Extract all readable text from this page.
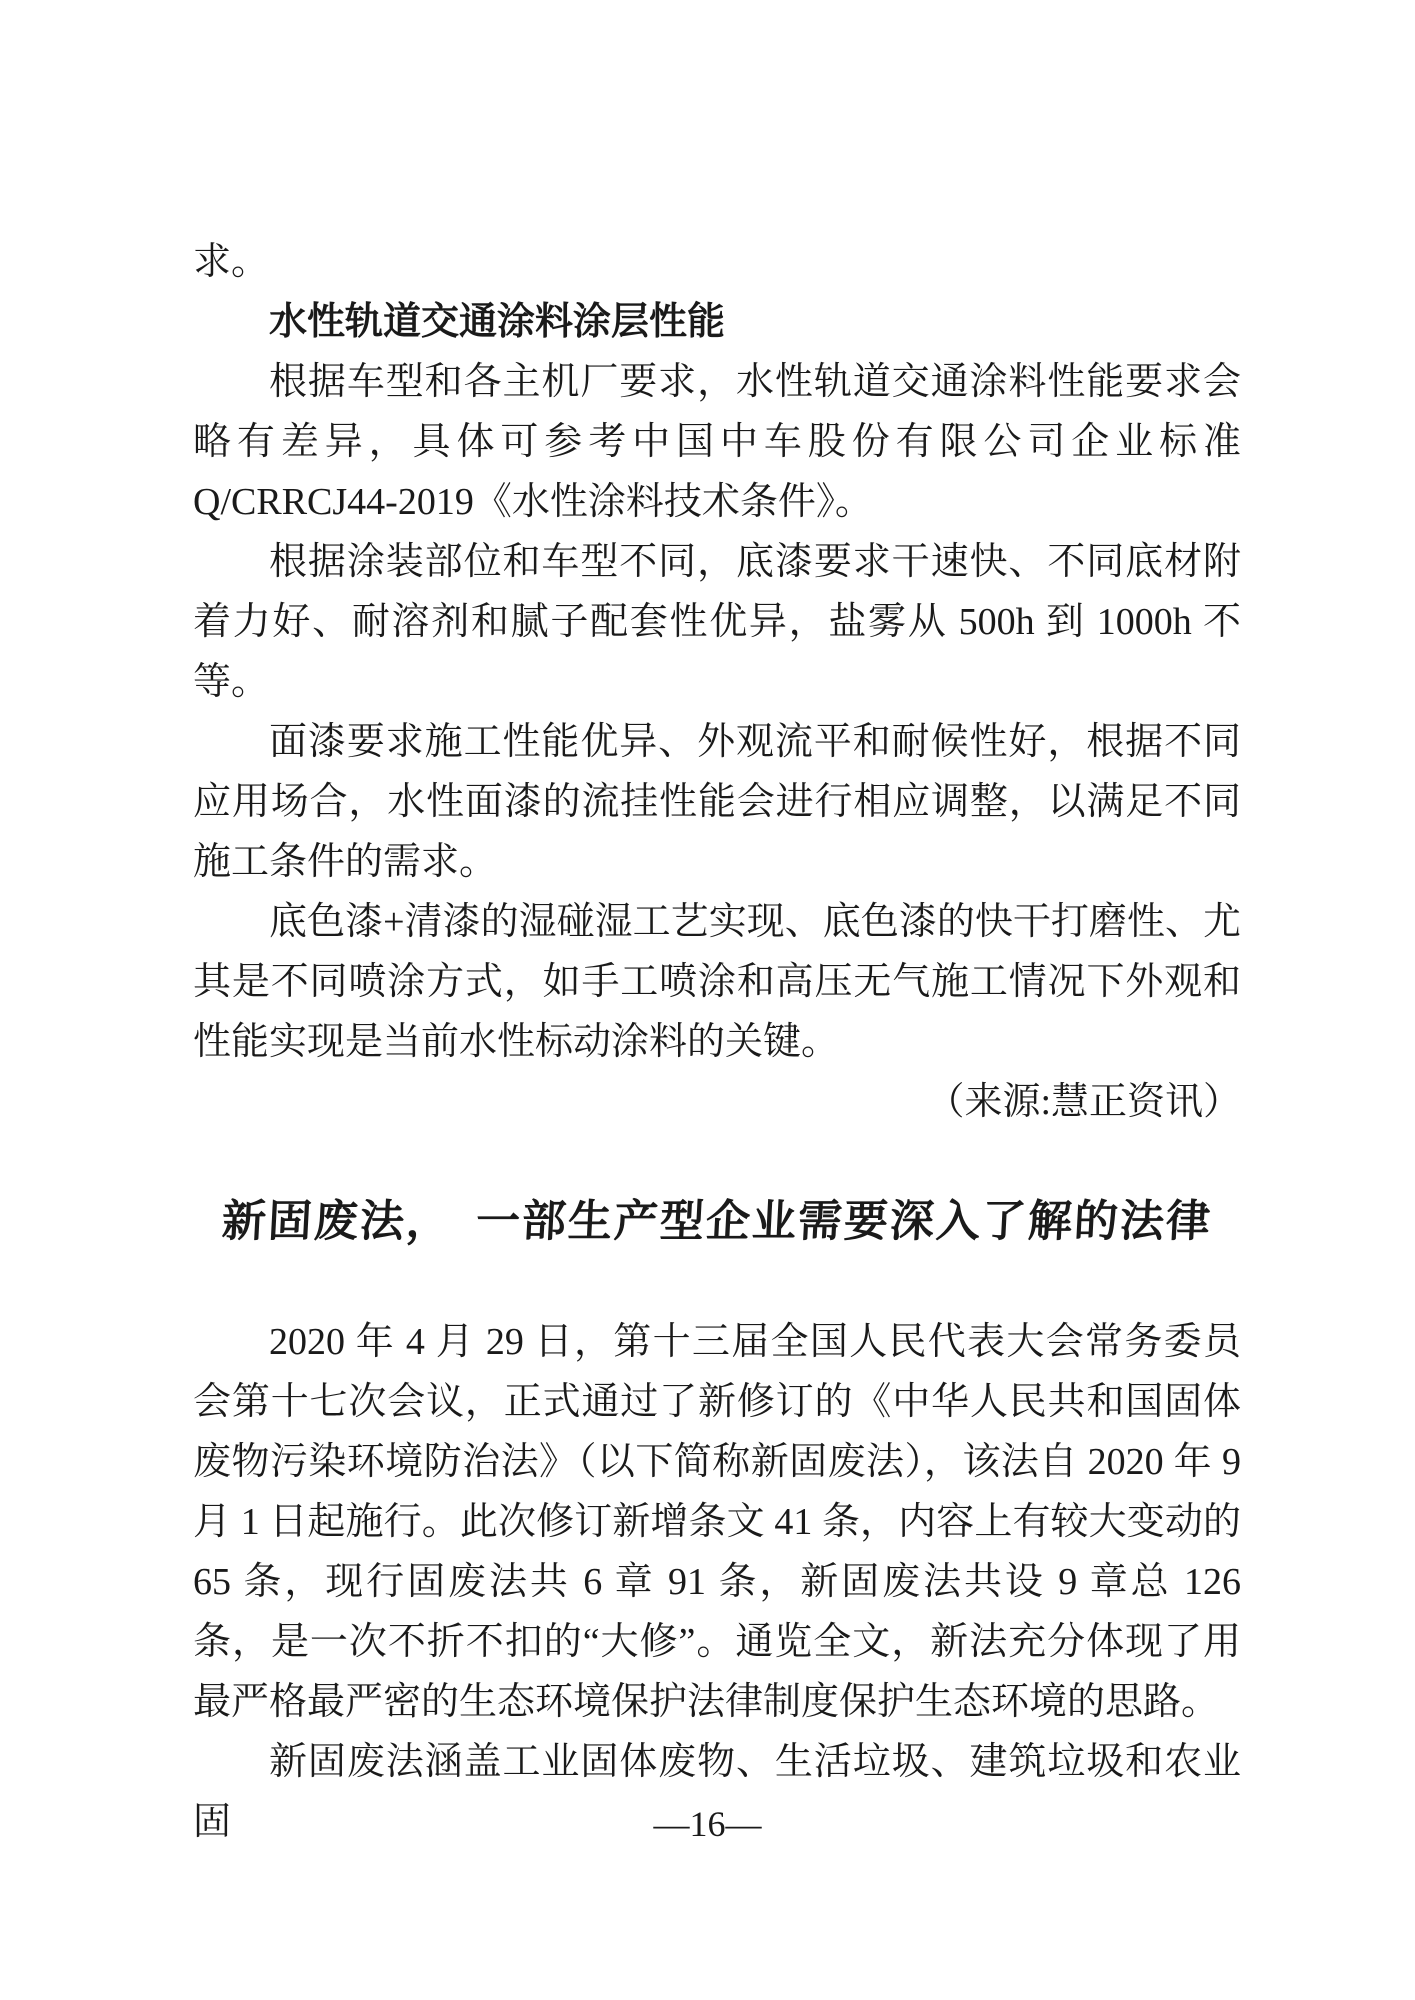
求。

水性轨道交通涂料涂层性能

根据车型和各主机厂要求，水性轨道交通涂料性能要求会略有差异，具体可参考中国中车股份有限公司企业标准 Q/CRRCJ44-2019《水性涂料技术条件》。

根据涂装部位和车型不同，底漆要求干速快、不同底材附着力好、耐溶剂和腻子配套性优异，盐雾从 500h 到 1000h 不等。

面漆要求施工性能优异、外观流平和耐候性好，根据不同应用场合，水性面漆的流挂性能会进行相应调整，以满足不同施工条件的需求。

底色漆+清漆的湿碰湿工艺实现、底色漆的快干打磨性、尤其是不同喷涂方式，如手工喷涂和高压无气施工情况下外观和性能实现是当前水性标动涂料的关键。

（来源:慧正资讯）

新固废法，　一部生产型企业需要深入了解的法律

2020 年 4 月 29 日，第十三届全国人民代表大会常务委员会第十七次会议，正式通过了新修订的《中华人民共和国固体废物污染环境防治法》（以下简称新固废法），该法自 2020 年 9 月 1 日起施行。此次修订新增条文 41 条，内容上有较大变动的 65 条，现行固废法共 6 章 91 条，新固废法共设 9 章总 126 条，是一次不折不扣的“大修”。通览全文，新法充分体现了用最严格最严密的生态环境保护法律制度保护生态环境的思路。

新固废法涵盖工业固体废物、生活垃圾、建筑垃圾和农业固	—16—
